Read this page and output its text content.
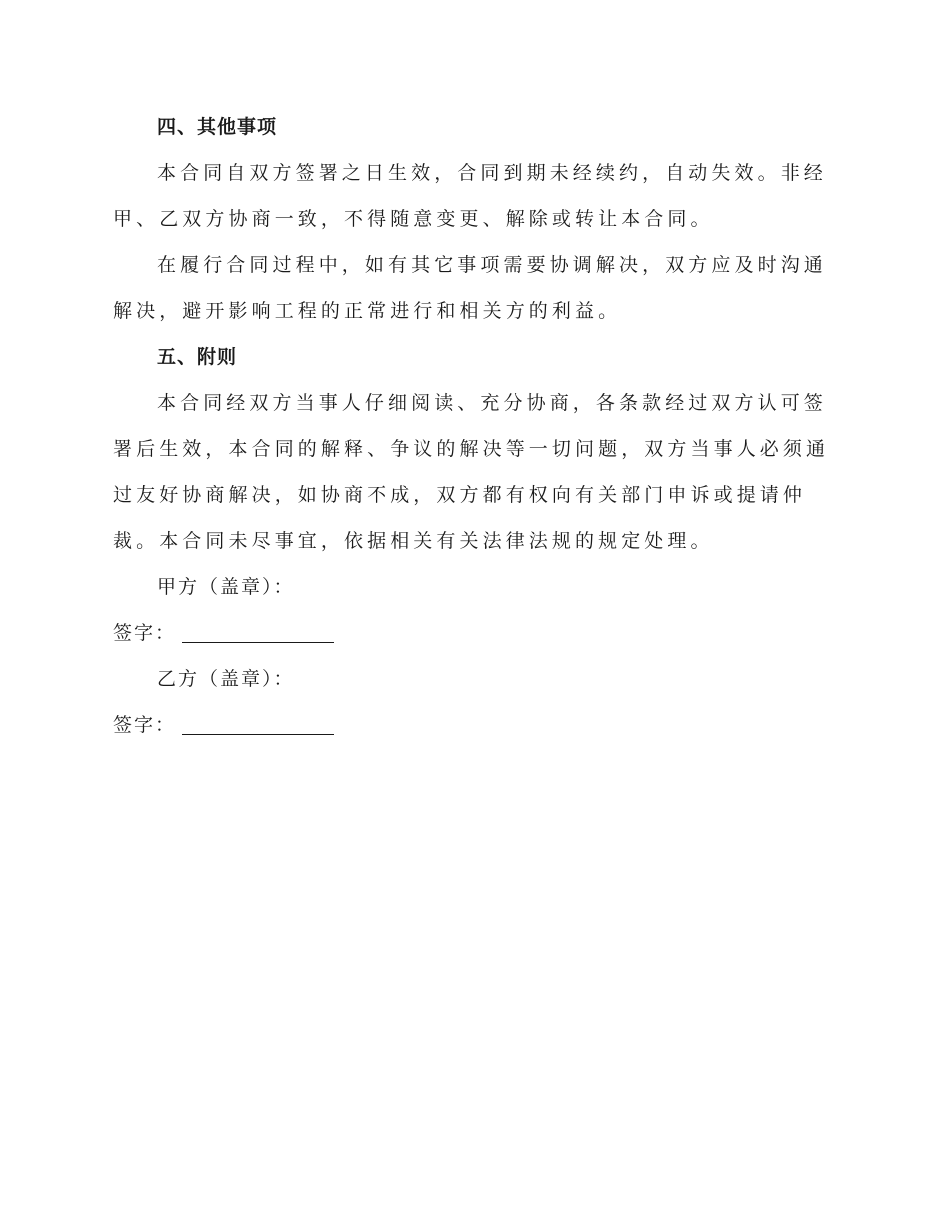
四、其他事项

本合同自双方签署之日生效，合同到期未经续约，自动失效。非经甲、乙双方协商一致，不得随意变更、解除或转让本合同。

在履行合同过程中，如有其它事项需要协调解决，双方应及时沟通解决，避开影响工程的正常进行和相关方的利益。

五、附则

本合同经双方当事人仔细阅读、充分协商，各条款经过双方认可签署后生效，本合同的解释、争议的解决等一切问题，双方当事人必须通过友好协商解决，如协商不成，双方都有权向有关部门申诉或提请仲裁。本合同未尽事宜，依据相关有关法律法规的规定处理。

甲方（盖章）：
签字：
乙方（盖章）：
签字：
